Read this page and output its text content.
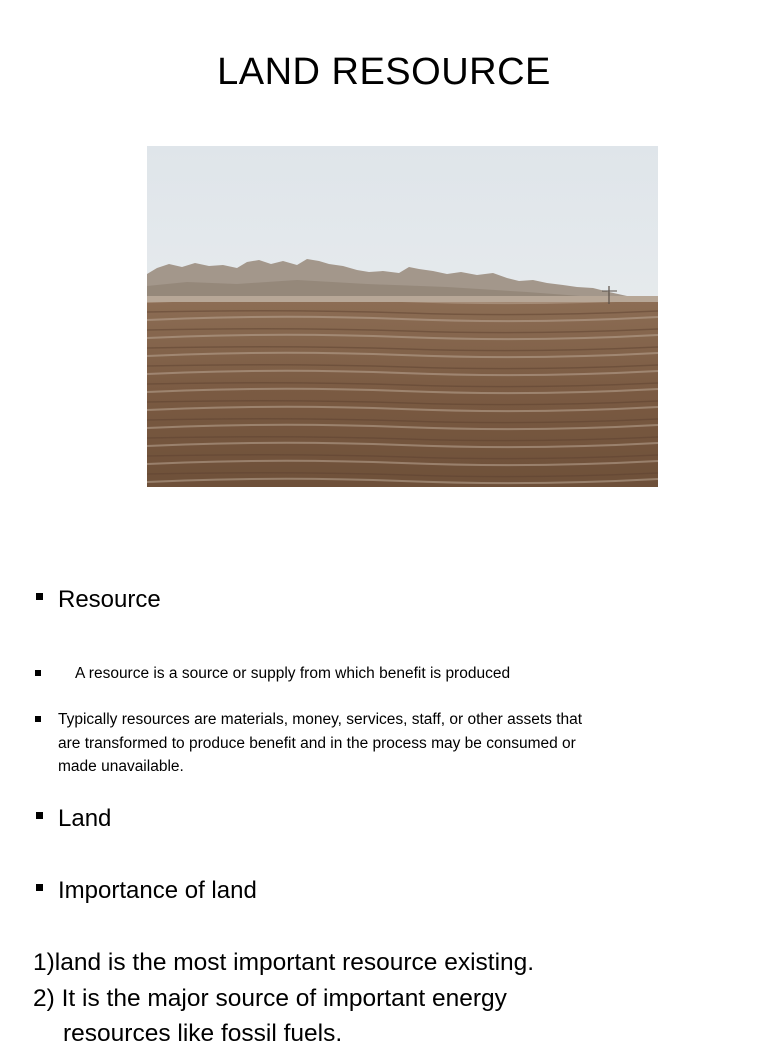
LAND RESOURCE
Resource
A resource is a source or supply from which benefit is produced
Typically resources are materials, money, services, staff, or other assets that
are transformed to produce benefit and in the process may be consumed or
made unavailable.
Land
Importance of land
1)land is the most important resource existing.
2) It is the major source of important energy
resources like fossil fuels.
